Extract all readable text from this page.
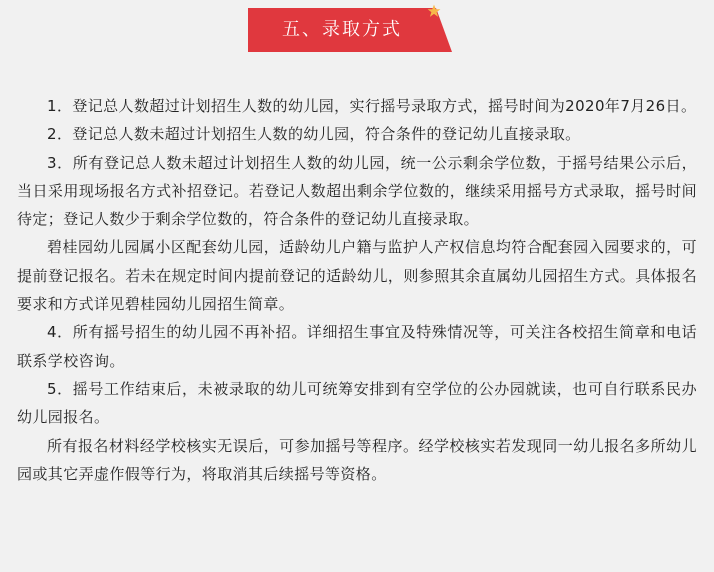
五、录取方式

1．登记总人数超过计划招生人数的幼儿园，实行摇号录取方式，摇号时间为2020年7月26日。

2．登记总人数未超过计划招生人数的幼儿园，符合条件的登记幼儿直接录取。

3．所有登记总人数未超过计划招生人数的幼儿园，统一公示剩余学位数，于摇号结果公示后，当日采用现场报名方式补招登记。若登记人数超出剩余学位数的，继续采用摇号方式录取，摇号时间待定；登记人数少于剩余学位数的，符合条件的登记幼儿直接录取。

碧桂园幼儿园属小区配套幼儿园，适龄幼儿户籍与监护人产权信息均符合配套园入园要求的，可提前登记报名。若未在规定时间内提前登记的适龄幼儿，则参照其余直属幼儿园招生方式。具体报名要求和方式详见碧桂园幼儿园招生简章。

4．所有摇号招生的幼儿园不再补招。详细招生事宜及特殊情况等，可关注各校招生简章和电话联系学校咨询。

5．摇号工作结束后，未被录取的幼儿可统筹安排到有空学位的公办园就读，也可自行联系民办幼儿园报名。

所有报名材料经学校核实无误后，可参加摇号等程序。经学校核实若发现同一幼儿报名多所幼儿园或其它弄虚作假等行为，将取消其后续摇号等资格。
